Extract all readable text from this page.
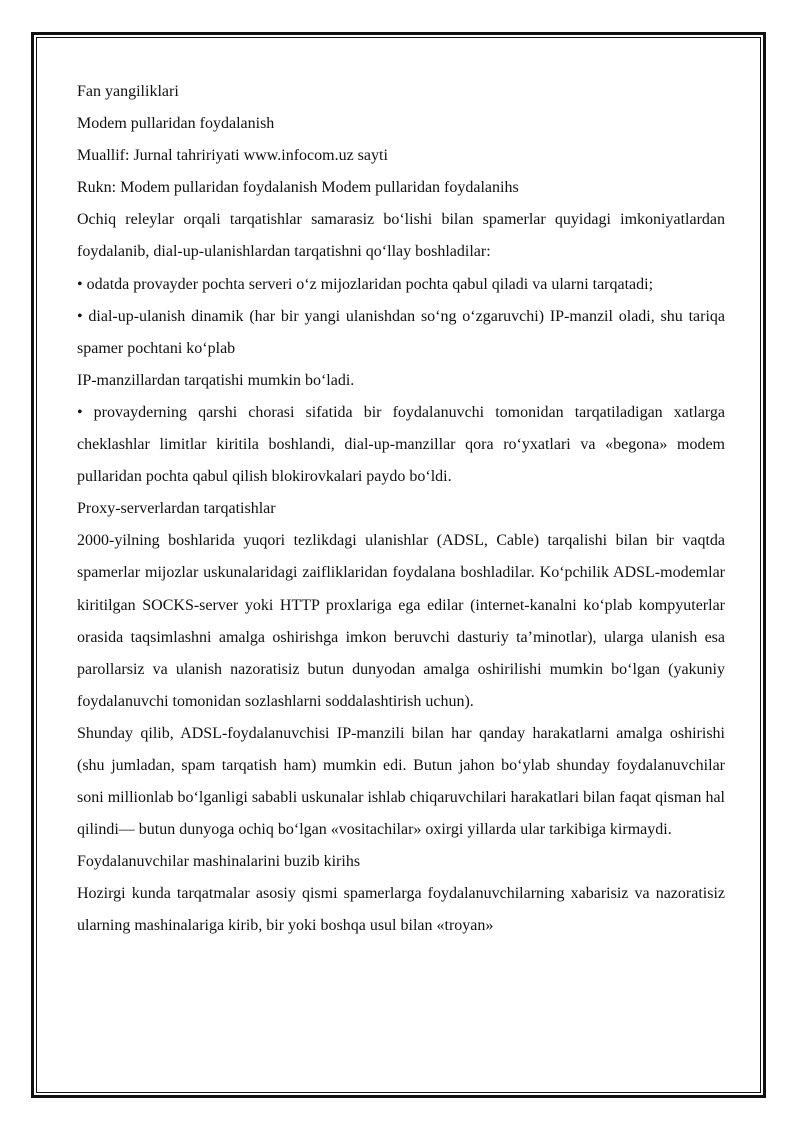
Fan yangiliklari

Modem pullaridan foydalanish

Muallif: Jurnal tahririyati www.infocom.uz sayti

Rukn: Modem pullaridan foydalanish Modem pullaridan foydalanihs

Ochiq releylar orqali tarqatishlar samarasiz bo‘lishi bilan spamerlar quyidagi imkoniyatlardan foydalanib, dial-up-ulanishlardan tarqatishni qo‘llay boshladilar:

• odatda provayder pochta serveri o‘z mijozlaridan pochta qabul qiladi va ularni tarqatadi;

• dial-up-ulanish dinamik (har bir yangi ulanishdan so‘ng o‘zgaruvchi) IP-manzil oladi, shu tariqa spamer pochtani ko‘plab

IP-manzillardan tarqatishi mumkin bo‘ladi.

• provayderning qarshi chorasi sifatida bir foydalanuvchi tomonidan tarqatiladigan xatlarga cheklashlar limitlar kiritila boshlandi, dial-up-manzillar qora ro‘yxatlari va «begona» modem pullaridan pochta qabul qilish blokirovkalari paydo bo‘ldi.

Proxy-serverlardan tarqatishlar

2000-yilning boshlarida yuqori tezlikdagi ulanishlar (ADSL, Cable) tarqalishi bilan bir vaqtda spamerlar mijozlar uskunalaridagi zaifliklaridan foydalana boshladilar. Ko‘pchilik ADSL-modemlar kiritilgan SOCKS-server yoki HTTP proxlariga ega edilar (internet-kanalni ko‘plab kompyuterlar orasida taqsimlashni amalga oshirishga imkon beruvchi dasturiy ta’minotlar), ularga ulanish esa parollarsiz va ulanish nazoratisiz butun dunyodan amalga oshirilishi mumkin bo‘lgan (yakuniy foydalanuvchi tomonidan sozlashlarni soddalashtirish uchun).

Shunday qilib, ADSL-foydalanuvchisi IP-manzili bilan har qanday harakatlarni amalga oshirishi (shu jumladan, spam tarqatish ham) mumkin edi. Butun jahon bo‘ylab shunday foydalanuvchilar soni millionlab bo‘lganligi sababli uskunalar ishlab chiqaruvchilari harakatlari bilan faqat qisman hal qilindi— butun dunyoga ochiq bo‘lgan «vositachilar» oxirgi yillarda ular tarkibiga kirmaydi.

Foydalanuvchilar mashinalarini buzib kirihs

Hozirgi kunda tarqatmalar asosiy qismi spamerlarga foydalanuvchilarning xabarisiz va nazoratisiz ularning mashinalariga kirib, bir yoki boshqa usul bilan «troyan»
